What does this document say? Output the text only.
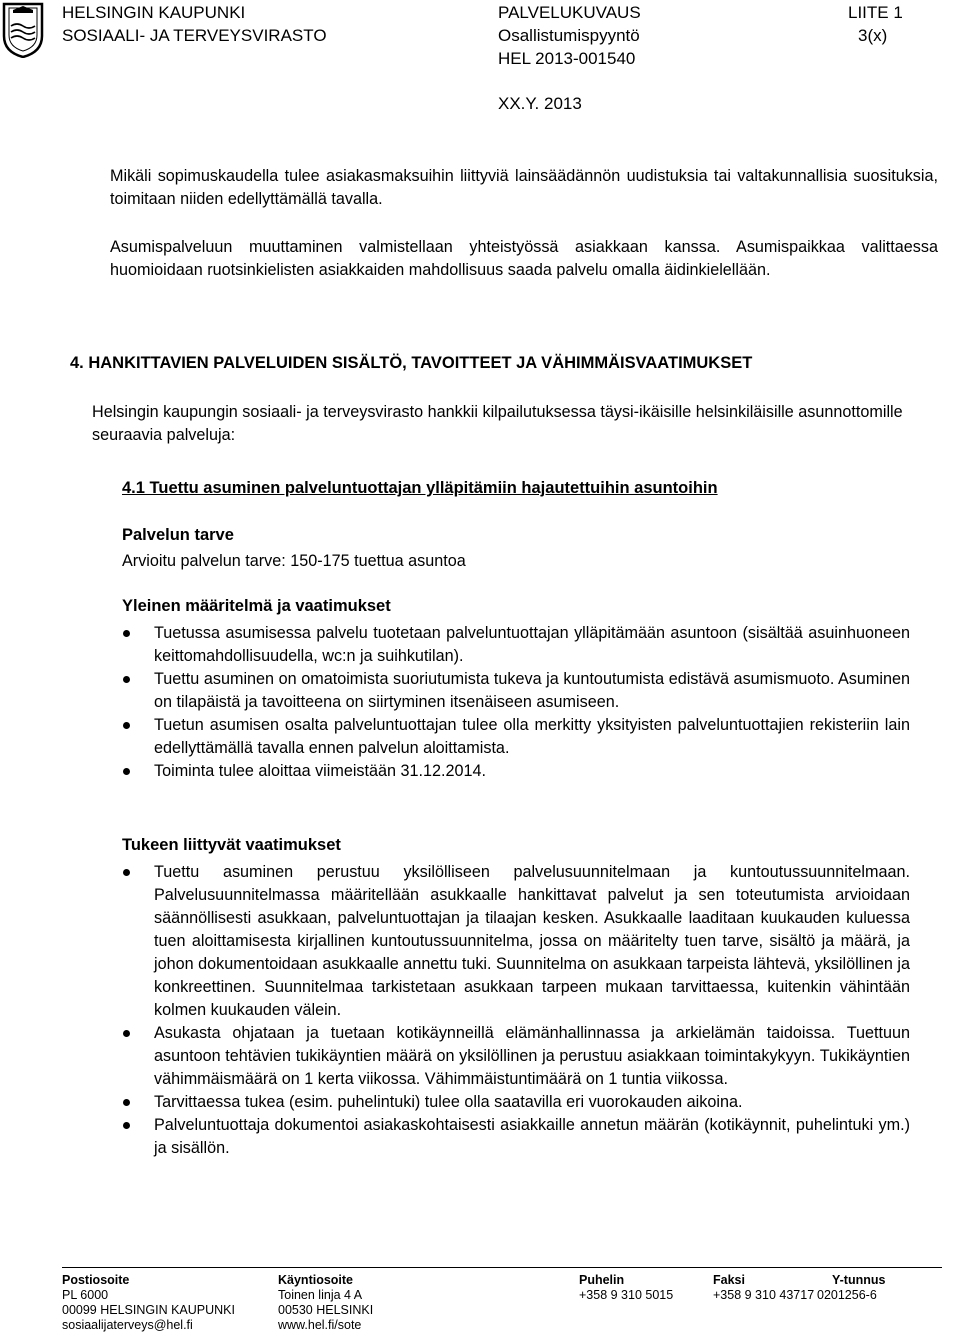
HELSINGIN KAUPUNKI
SOSIAALI- JA TERVEYSVIRASTO
PALVELUKUVAUS
Osallistumispyyntö
HEL 2013-001540
XX.Y. 2013
LIITE 1
3(x)
Mikäli sopimuskaudella tulee asiakasmaksuihin liittyviä lainsäädännön uudistuksia tai valtakunnallisia suosituksia, toimitaan niiden edellyttämällä tavalla.
Asumispalveluun muuttaminen valmistellaan yhteistyössä asiakkaan kanssa. Asumispaikkaa valittaessa huomioidaan ruotsinkielisten asiakkaiden mahdollisuus saada palvelu omalla äidinkielellään.
4. HANKITTAVIEN PALVELUIDEN SISÄLTÖ, TAVOITTEET JA VÄHIMMÄISVAATIMUKSET
Helsingin kaupungin sosiaali- ja terveysvirasto hankkii kilpailutuksessa täysi-ikäisille helsinkiläisille asunnottomille seuraavia palveluja:
4.1 Tuettu asuminen palveluntuottajan ylläpitämiin hajautettuihin asuntoihin
Palvelun tarve
Arvioitu palvelun tarve: 150-175 tuettua asuntoa
Yleinen määritelmä ja vaatimukset
Tuetussa asumisessa palvelu tuotetaan palveluntuottajan ylläpitämään asuntoon (sisältää asuinhuoneen keittomahdollisuudella, wc:n ja suihkutilan).
Tuettu asuminen on omatoimista suoriutumista tukeva ja kuntoutumista edistävä asumismuoto. Asuminen on tilapäistä ja tavoitteena on siirtyminen itsenäiseen asumiseen.
Tuetun asumisen osalta palveluntuottajan tulee olla merkitty yksityisten palveluntuottajien rekisteriin lain edellyttämällä tavalla ennen palvelun aloittamista.
Toiminta tulee aloittaa viimeistään 31.12.2014.
Tukeen liittyvät vaatimukset
Tuettu asuminen perustuu yksilölliseen palvelusuunnitelmaan ja kuntoutussuunnitelmaan. Palvelusuunnitelmassa määritellään asukkaalle hankittavat palvelut ja sen toteutumista arvioidaan säännöllisesti asukkaan, palveluntuottajan ja tilaajan kesken. Asukkaalle laaditaan kuukauden kuluessa tuen aloittamisesta kirjallinen kuntoutussuunnitelma, jossa on määritelty tuen tarve, sisältö ja määrä, ja johon dokumentoidaan asukkaalle annettu tuki. Suunnitelma on asukkaan tarpeista lähtevä, yksilöllinen ja konkreettinen. Suunnitelmaa tarkistetaan asukkaan tarpeen mukaan tarvittaessa, kuitenkin vähintään kolmen kuukauden välein.
Asukasta ohjataan ja tuetaan kotikäynneillä elämänhallinnassa ja arkielämän taidoissa. Tuettuun asuntoon tehtävien tukikäyntien määrä on yksilöllinen ja perustuu asiakkaan toimintakykyyn. Tukikäyntien vähimmäismäärä on 1 kerta viikossa. Vähimmäistuntimäärä on 1 tuntia viikossa.
Tarvittaessa tukea (esim. puhelintuki) tulee olla saatavilla eri vuorokauden aikoina.
Palveluntuottaja dokumentoi asiakaskohtaisesti asiakkaille annetun määrän (kotikäynnit, puhelintuki ym.) ja sisällön.
Postiosoite
PL 6000
00099 HELSINGIN KAUPUNKI
sosiaalijaterveys@hel.fi
Käyntiosoite
Toinen linja 4 A
00530 HELSINKI
www.hel.fi/sote
Puhelin
+358 9 310 5015
Faksi
+358 9 310 43717
Y-tunnus
0201256-6
